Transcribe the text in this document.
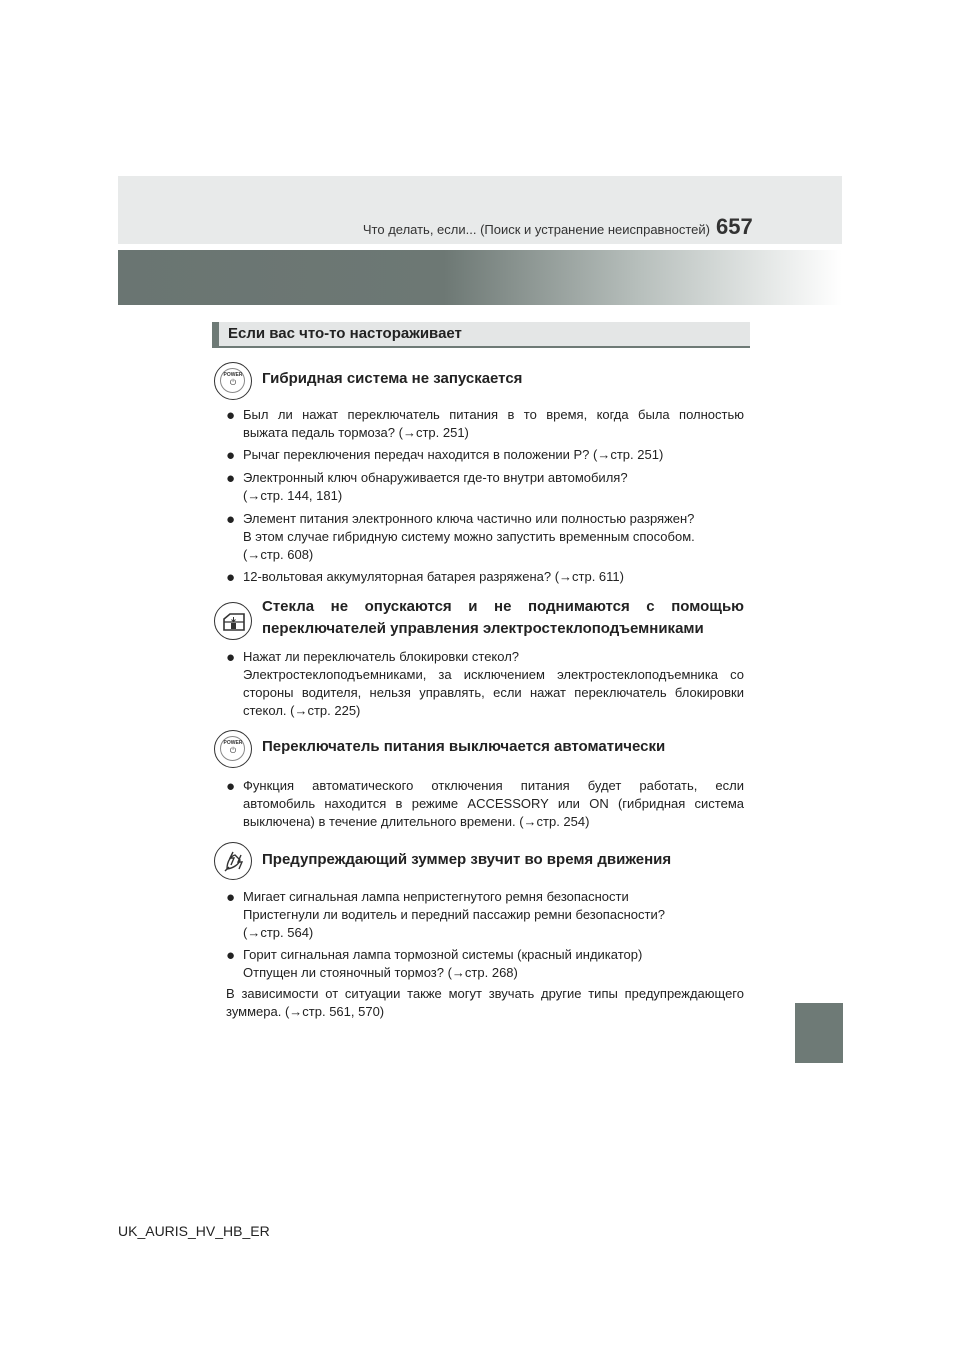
Что делать, если... (Поиск и устранение неисправностей) 657
Если вас что-то настораживает
POWER
⏻	Гибридная система не запускается
● Был ли нажат переключатель питания в то время, когда была полностью
выжата педаль тормоза? (→стр. 251)
● Рычаг переключения передач находится в положении P? (→стр. 251)
● Электронный ключ обнаруживается где-то внутри автомобиля?
(→стр. 144, 181)
● Элемент питания электронного ключа частично или полностью разряжен?
В этом случае гибридную систему можно запустить временным способом.
(→стр. 608)
● 12-вольтовая аккумуляторная батарея разряжена? (→стр. 611)
Стекла не опускаются и не поднимаются с помощью
переключателей управления электростеклоподъемниками
● Нажат ли переключатель блокировки стекол?
Электростеклоподъемниками, за исключением электростеклоподъемника со
стороны водителя, нельзя управлять, если нажат переключатель блокировки
стекол. (→стр. 225)
POWER
⏻	Переключатель питания выключается автоматически
● Функция автоматического отключения питания будет работать, если
автомобиль находится в режиме ACCESSORY или ON (гибридная система
выключена) в течение длительного времени. (→стр. 254)
Предупреждающий зуммер звучит во время движения
● Мигает сигнальная лампа непристегнутого ремня безопасности
Пристегнули ли водитель и передний пассажир ремни безопасности?
(→стр. 564)
● Горит сигнальная лампа тормозной системы (красный индикатор)
Отпущен ли стояночный тормоз? (→стр. 268)
В зависимости от ситуации также могут звучать другие типы предупреждающего
зуммера. (→стр. 561, 570)
UK_AURIS_HV_HB_ER
